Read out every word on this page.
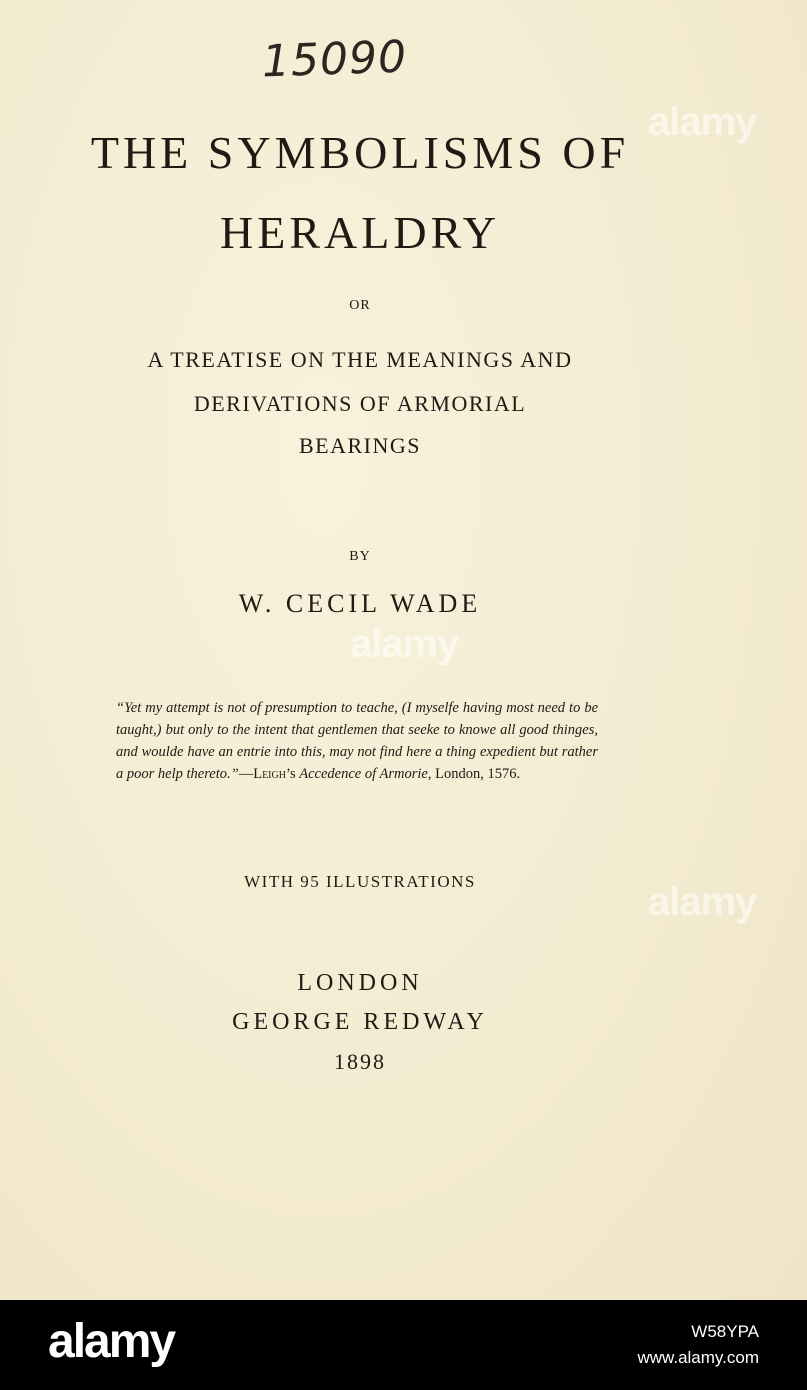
15090
THE SYMBOLISMS OF
HERALDRY
OR
A TREATISE ON THE MEANINGS AND
DERIVATIONS OF ARMORIAL
BEARINGS
BY
W. CECIL WADE
“Yet my attempt is not of presumption to teache, (I myselfe having most need to be taught,) but only to the intent that gentlemen that seeke to knowe all good thinges, and woulde have an entrie into this, may not find here a thing expedient but rather a poor help thereto.”—Leigh’s Accedence of Armorie, London, 1576.
WITH 95 ILLUSTRATIONS
LONDON
GEORGE REDWAY
1898
alamy
alamy
alamy
alamy	W58YPA
www.alamy.com
